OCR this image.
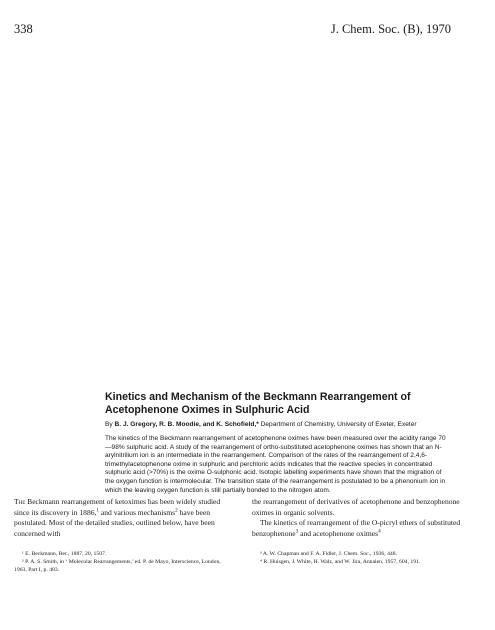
338	J. Chem. Soc. (B), 1970
Kinetics and Mechanism of the Beckmann Rearrangement of Acetophenone Oximes in Sulphuric Acid
By B. J. Gregory, R. B. Moodie, and K. Schofield,* Department of Chemistry, University of Exeter, Exeter

The kinetics of the Beckmann rearrangement of acetophenone oximes have been measured over the acidity range 70—98% sulphuric acid. A study of the rearrangement of ortho-substituted acetophenone oximes has shown that an N-arylnitrilium ion is an intermediate in the rearrangement. Comparison of the rates of the rearrangement of 2,4,6-trimethylacetophenone oxime in sulphuric and perchloric acids indicates that the reactive species in concentrated sulphuric acid (>70%) is the oxime O-sulphonic acid. Isotopic labelling experiments have shown that the migration of the oxygen function is intermolecular. The transition state of the rearrangement is postulated to be a phenonium ion in which the leaving oxygen function is still partially bonded to the nitrogen atom.

The Beckmann rearrangement of ketoximes has been widely studied since its discovery in 1886,$^1$ and various mechanisms$^2$ have been postulated. Most of the detailed studies, outlined below, have been concerned with
the rearrangement of derivatives of acetophenone and benzophenone oximes in organic solvents.
The kinetics of rearrangement of the O-picryl ethers of substituted benzophenone$^3$ and acetophenone oximes$^4$
¹ E. Beckmann, Ber., 1887, 20, 1507.
² P. A. S. Smith, in ‘ Molecular Rearrangements,’ ed. P. de Mayo, Interscience, London, 1963, Part I, p. 483.
³ A. W. Chapman and F. A. Fidler, J. Chem. Soc., 1936, 448.
⁴ R. Huisgen, J. White, H. Walz, and W. Jira, Annalen, 1957, 604, 191.
